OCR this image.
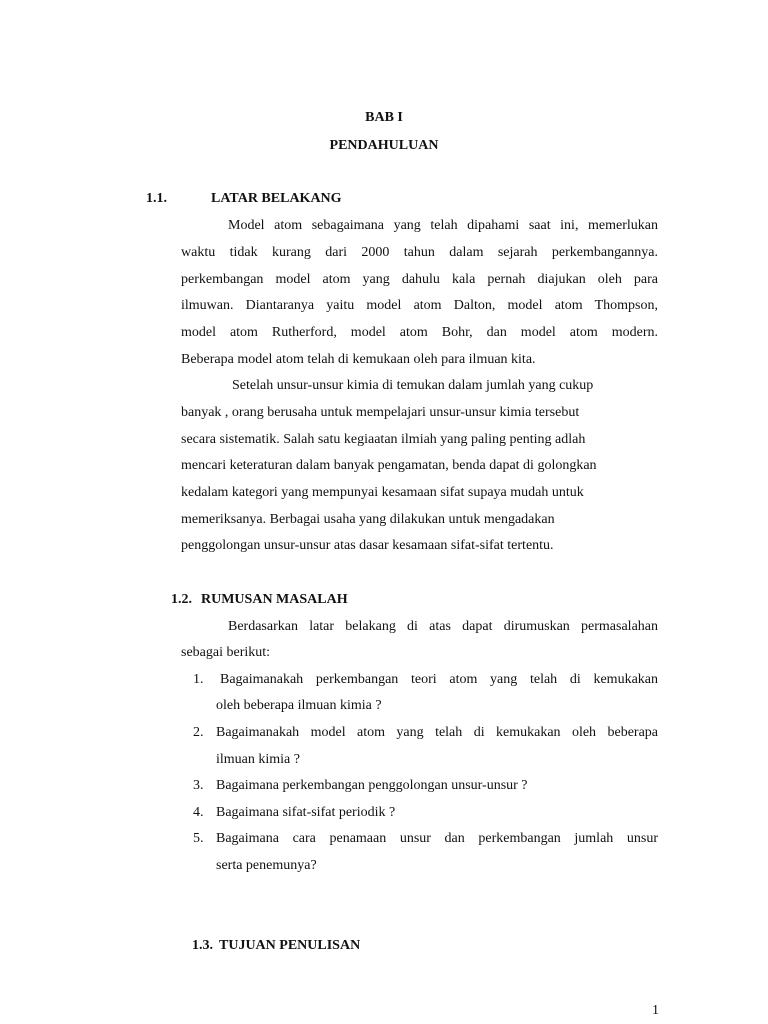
BAB I
PENDAHULUAN
1.1.	LATAR BELAKANG
Model atom sebagaimana yang telah dipahami saat ini, memerlukan
waktu tidak kurang dari 2000 tahun dalam sejarah perkembangannya.
perkembangan model atom yang dahulu kala pernah diajukan oleh para
ilmuwan. Diantaranya yaitu model atom Dalton, model atom Thompson,
model atom Rutherford, model atom Bohr, dan model atom modern.
Beberapa model atom telah di kemukaan oleh para ilmuan kita.
Setelah unsur-unsur kimia di temukan dalam jumlah yang cukup
banyak , orang berusaha untuk mempelajari unsur-unsur kimia tersebut
secara sistematik. Salah satu kegiaatan ilmiah yang paling penting adlah
mencari keteraturan dalam banyak pengamatan, benda dapat di golongkan
kedalam kategori yang mempunyai kesamaan sifat supaya mudah untuk
memeriksanya. Berbagai usaha yang dilakukan untuk mengadakan
penggolongan unsur-unsur atas dasar kesamaan sifat-sifat tertentu.
1.2. RUMUSAN MASALAH
Berdasarkan latar belakang di atas dapat dirumuskan permasalahan
sebagai berikut:
1. Bagaimanakah perkembangan teori atom yang telah di kemukakan
oleh beberapa ilmuan kimia ?
2. Bagaimanakah model atom yang telah di kemukakan oleh beberapa
ilmuan kimia ?
3. Bagaimana perkembangan penggolongan unsur-unsur ?
4. Bagaimana sifat-sifat periodik ?
5. Bagaimana cara penamaan unsur dan perkembangan jumlah unsur
serta penemunya?
1.3. TUJUAN PENULISAN
1
